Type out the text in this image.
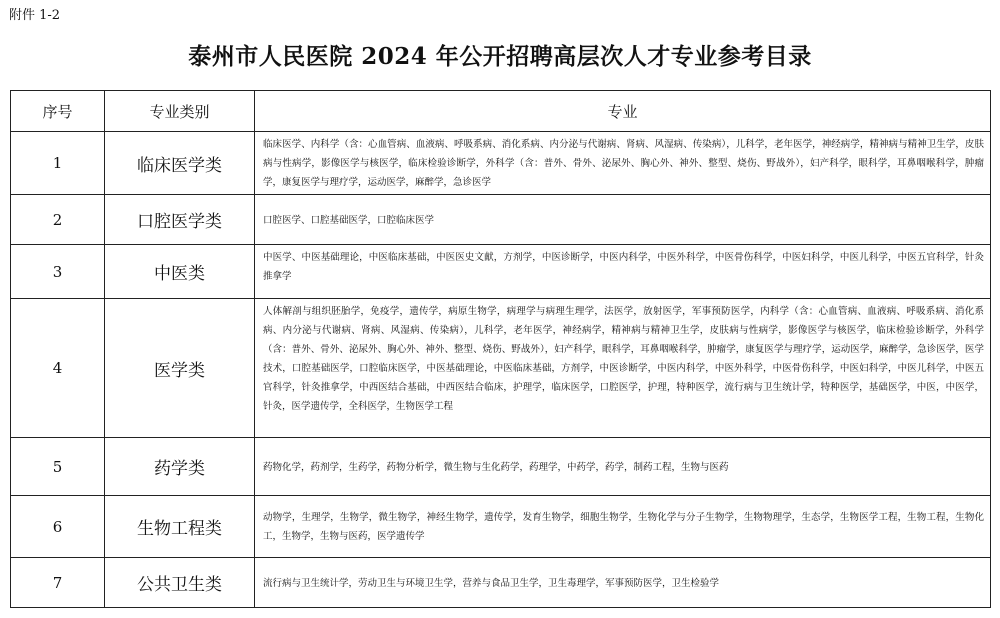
附件 1-2
泰州市人民医院 2024 年公开招聘高层次人才专业参考目录
序号	专业类别	专业
1	临床医学类	临床医学、内科学（含：心血管病、血液病、呼吸系病、消化系病、内分泌与代谢病、肾病、风湿病、传染病），儿科学，老年医学，神经病学，精神病与精神卫生学，皮肤病与性病学，影像医学与核医学，临床检验诊断学，外科学（含：普外、骨外、泌尿外、胸心外、神外、整型、烧伤、野战外），妇产科学，眼科学，耳鼻咽喉科学，肿瘤学，康复医学与理疗学，运动医学，麻醉学，急诊医学
2	口腔医学类	口腔医学、口腔基础医学，口腔临床医学
3	中医类	中医学、中医基础理论，中医临床基础，中医医史文献，方剂学，中医诊断学，中医内科学，中医外科学，中医骨伤科学，中医妇科学，中医儿科学，中医五官科学，针灸推拿学
4	医学类	人体解剖与组织胚胎学，免疫学，遗传学，病原生物学，病理学与病理生理学，法医学，放射医学，军事预防医学，内科学（含：心血管病、血液病、呼吸系病、消化系病、内分泌与代谢病、肾病、风湿病、传染病），儿科学，老年医学，神经病学，精神病与精神卫生学，皮肤病与性病学，影像医学与核医学，临床检验诊断学，外科学（含：普外、骨外、泌尿外、胸心外、神外、整型、烧伤、野战外），妇产科学，眼科学，耳鼻咽喉科学，肿瘤学，康复医学与理疗学，运动医学，麻醉学，急诊医学，医学技术，口腔基础医学，口腔临床医学，中医基础理论，中医临床基础，方剂学，中医诊断学，中医内科学，中医外科学，中医骨伤科学，中医妇科学，中医儿科学，中医五官科学，针灸推拿学，中西医结合基础，中西医结合临床，护理学，临床医学，口腔医学，护理，特种医学，流行病与卫生统计学，特种医学，基础医学，中医，中医学，针灸，医学遗传学，全科医学，生物医学工程
5	药学类	药物化学，药剂学，生药学，药物分析学，微生物与生化药学，药理学，中药学，药学，制药工程，生物与医药
6	生物工程类	动物学，生理学，生物学，微生物学，神经生物学，遗传学，发育生物学，细胞生物学，生物化学与分子生物学，生物物理学，生态学，生物医学工程，生物工程，生物化工，生物学，生物与医药，医学遗传学
7	公共卫生类	流行病与卫生统计学，劳动卫生与环境卫生学，营养与食品卫生学，卫生毒理学，军事预防医学，卫生检验学
